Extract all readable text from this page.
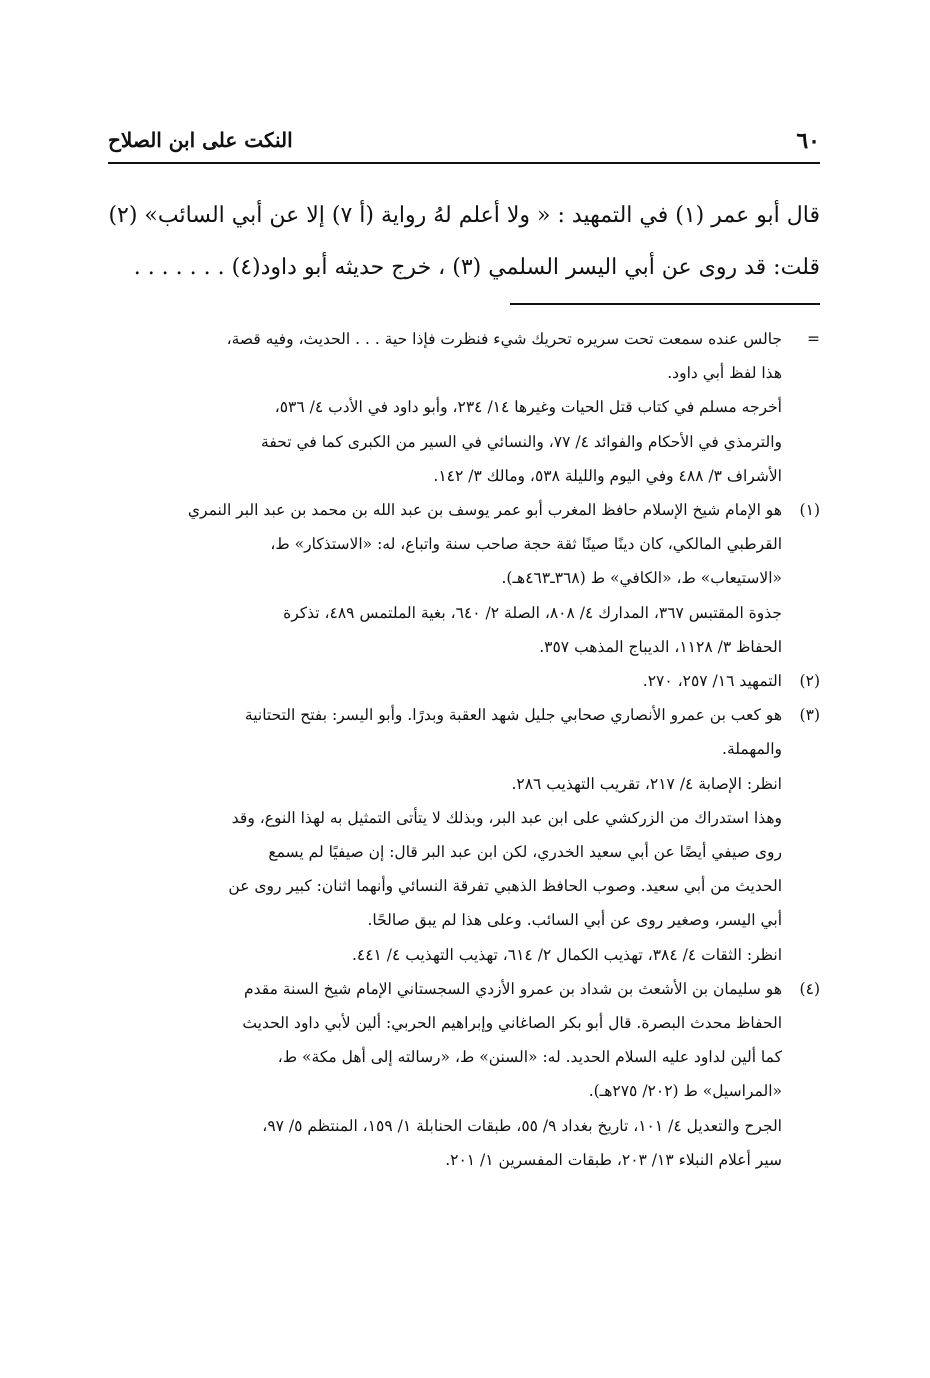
٦٠
النكت على ابن الصلاح

قال أبو عمر (١) في التمهيد : « ولا أعلم لهُ رواية (أ ٧) إلا عن أبي السائب» (٢)

قلت: قد روى عن أبي اليسر السلمي (٣) ، خرج حديثه أبو داود(٤) . . . . . . .

=
جالس عنده سمعت تحت سريره تحريك شيء فنظرت فإذا حية . . . الحديث، وفيه قصة،
هذا لفظ أبي داود.
أخرجه مسلم في كتاب قتل الحيات وغيرها ١٤/ ٢٣٤، وأبو داود في الأدب ٤/ ٥٣٦،
والترمذي في الأحكام والفوائد ٤/ ٧٧، والنسائي في السير من الكبرى كما في تحفة
الأشراف ٣/ ٤٨٨ وفي اليوم والليلة ٥٣٨، ومالك ٣/ ١٤٢.
(١)
هو الإمام شيخ الإسلام حافظ المغرب أبو عمر يوسف بن عبد الله بن محمد بن عبد البر النمري
القرطبي المالكي، كان دينًا صينًا ثقة حجة صاحب سنة واتباع، له: «الاستذكار» ط،
«الاستيعاب» ط، «الكافي» ط (٣٦٨ـ٤٦٣هـ).
جذوة المقتبس ٣٦٧، المدارك ٤/ ٨٠٨، الصلة ٢/ ٦٤٠، بغية الملتمس ٤٨٩، تذكرة
الحفاظ ٣/ ١١٢٨، الديباج المذهب ٣٥٧.
(٢)
التمهيد ١٦/ ٢٥٧، ٢٧٠.
(٣)
هو كعب بن عمرو الأنصاري صحابي جليل شهد العقبة وبدرًا. وأبو اليسر: بفتح التحتانية
والمهملة.
انظر: الإصابة ٤/ ٢١٧، تقريب التهذيب ٢٨٦.
وهذا استدراك من الزركشي على ابن عبد البر، وبذلك لا يتأتى التمثيل به لهذا النوع، وقد
روى صيفي أيضًا عن أبي سعيد الخدري، لكن ابن عبد البر قال: إن صيفيًا لم يسمع
الحديث من أبي سعيد. وصوب الحافظ الذهبي تفرقة النسائي وأنهما اثنان: كبير روى عن
أبي اليسر، وصغير روى عن أبي السائب. وعلى هذا لم يبق صالحًا.
انظر: الثقات ٤/ ٣٨٤، تهذيب الكمال ٢/ ٦١٤، تهذيب التهذيب ٤/ ٤٤١.
(٤)
هو سليمان بن الأشعث بن شداد بن عمرو الأزدي السجستاني الإمام شيخ السنة مقدم
الحفاظ محدث البصرة. قال أبو بكر الصاغاني وإبراهيم الحربي: ألين لأبي داود الحديث
كما ألين لداود عليه السلام الحديد. له: «السنن» ط، «رسالته إلى أهل مكة» ط،
«المراسيل» ط (٢٠٢/ ٢٧٥هـ).
الجرح والتعديل ٤/ ١٠١، تاريخ بغداد ٩/ ٥٥، طبقات الحنابلة ١/ ١٥٩، المنتظم ٥/ ٩٧،
سير أعلام النبلاء ١٣/ ٢٠٣، طبقات المفسرين ١/ ٢٠١.
